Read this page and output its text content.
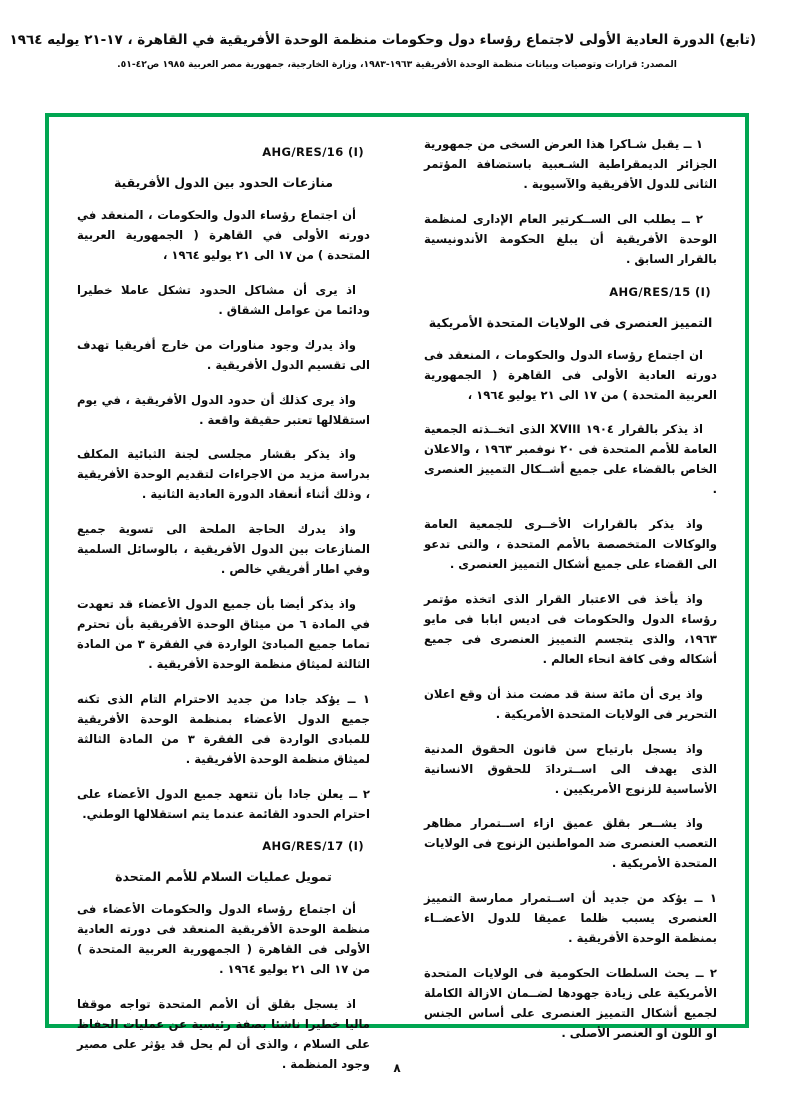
(تابع) الدورة العادية الأولى لاجتماع رؤساء دول وحكومات منظمة الوحدة الأفريقية في القاهرة ، ١٧-٢١ يوليه ١٩٦٤
المصدر: قرارات وتوصيات وبيانات منظمة الوحدة الأفريقية ١٩٦٣-١٩٨٣، وزارة الخارجية، جمهورية مصر العربية ١٩٨٥ ص٤٢-٥١.
١ ــ يقبل شـاكرا هذا العرض السخى من جمهورية الجزائر الديمقراطية الشـعبية باستضافة المؤتمر الثانى للدول الأفريقية والآسيوية .
٢ ــ يطلب الى الســكرتير العام الإدارى لمنظمة الوحدة الأفريقية أن يبلغ الحكومة الأندونيسية بالقرار السابق .
AHG/RES/15 (I)
التمييز العنصرى فى الولايات المتحدة الأمريكية
ان اجتماع رؤساء الدول والحكومات ، المنعقد فى دورته العادية الأولى فى القاهرة ( الجمهورية العربية المتحدة ) من ١٧ الى ٢١ يوليو ١٩٦٤ ،
اذ يذكر بالقرار ١٩٠٤ XVIII الذى اتخــذته الجمعية العامة للأمم المتحدة فى ٢٠ نوفمبر ١٩٦٣ ، والاعلان الخاص بالقضاء على جميع أشــكال التمييز العنصرى .
واذ يذكر بالقرارات الأخــرى للجمعية العامة والوكالات المتخصصة بالأمم المتحدة ، والتى تدعو الى القضاء على جميع أشكال التمييز العنصرى .
واذ يأخذ فى الاعتبار القرار الذى اتخذه مؤتمر رؤساء الدول والحكومات فى اديس ابابا فى مايو ١٩٦٣، والذى يتجسم التمييز العنصرى فى جميع أشكاله وفى كافة انحاء العالم .
واذ يرى أن مائة سنة قد مضت منذ أن وقع اعلان التحرير فى الولايات المتحدة الأمريكية .
واذ يسجل بارتياح سن قانون الحقوق المدنية الذى يهدف الى اســتردادَ للحقوق الانسانية الأساسية للزنوج الأمريكيين .
واذ يشــعر بقلق عميق ازاء اســتمرار مظاهر التعصب العنصرى ضد المواطنين الزنوج فى الولايات المتحدة الأمريكية .
١ ــ يؤكد من جديد أن اســتمرار ممارسة التمييز العنصرى يسبب ظلما عميقا للدول الأعضــاء بمنظمة الوحدة الأفريقية .
٢ ــ يحث السلطات الحكومية فى الولايات المتحدة الأمريكية على زيادة جهودها لضــمان الازالة الكاملة لجميع أشكال التمييز العنصرى على أساس الجنس او اللون او العنصر الأصلى .
AHG/RES/16 (I)
منازعات الحدود بين الدول الأفريقية
أن اجتماع رؤساء الدول والحكومات ، المنعقد في دورته الأولى في القاهرة ( الجمهورية العربية المتحدة ) من ١٧ الى ٢١ يوليو ١٩٦٤ ،
اذ يرى أن مشاكل الحدود تشكل عاملا خطيرا ودائما من عوامل الشقاق .
واذ يدرك وجود مناورات من خارج أفريقيا تهدف الى تقسيم الدول الأفريقية .
واذ يرى كذلك أن حدود الدول الأفريقية ، في يوم استقلالها تعتبر حقيقة واقعة .
واذ يذكر بقشار مجلسى لجنة الثبائية المكلف بدراسة مزيد من الاجراءات لتقديم الوحدة الأفريقية ، وذلك أثناء أنعقاد الدورة العادية الثانية .
واذ يدرك الحاجة الملحة الى تسوية جميع المنازعات بين الدول الأفريقية ، بالوسائل السلمية وفي اطار أفريقي خالص .
واذ يذكر أيضا بأن جميع الدول الأعضاء قد تعهدت في المادة ٦ من ميثاق الوحدة الأفريقية بأن تحترم تماما جميع المبادئ الواردة في الفقرة ٣ من المادة الثالثة لميثاق منظمة الوحدة الأفريقية .
١ ــ يؤكد جادا من جديد الاحترام التام الذى تكنه جميع الدول الأعضاء بمنظمة الوحدة الأفريقية للمبادى الواردة فى الفقرة ٣ من المادة الثالثة لميثاق منظمة الوحدة الأفريقية .
٢ ــ يعلن جادا بأن تتعهد جميع الدول الأعضاء على احترام الحدود القائمة عندما يتم استقلالها الوطني.
AHG/RES/17 (I)
تمويل عمليات السلام للأمم المتحدة
أن اجتماع رؤساء الدول والحكومات الأعضاء فى منظمة الوحدة الأفريقية المنعقد فى دورته العادية الأولى فى القاهرة ( الجمهورية العربية المتحدة ) من ١٧ الى ٢١ يوليو ١٩٦٤ .
اذ يسجل بقلق أن الأمم المتحدة تواجه موقفا ماليا خطيرا ناشئا بصفة رئيسية عن عمليات الحفاظ على السلام ، والذى أن لم يحل قد يؤثر على مصير وجود المنظمة .	٨
